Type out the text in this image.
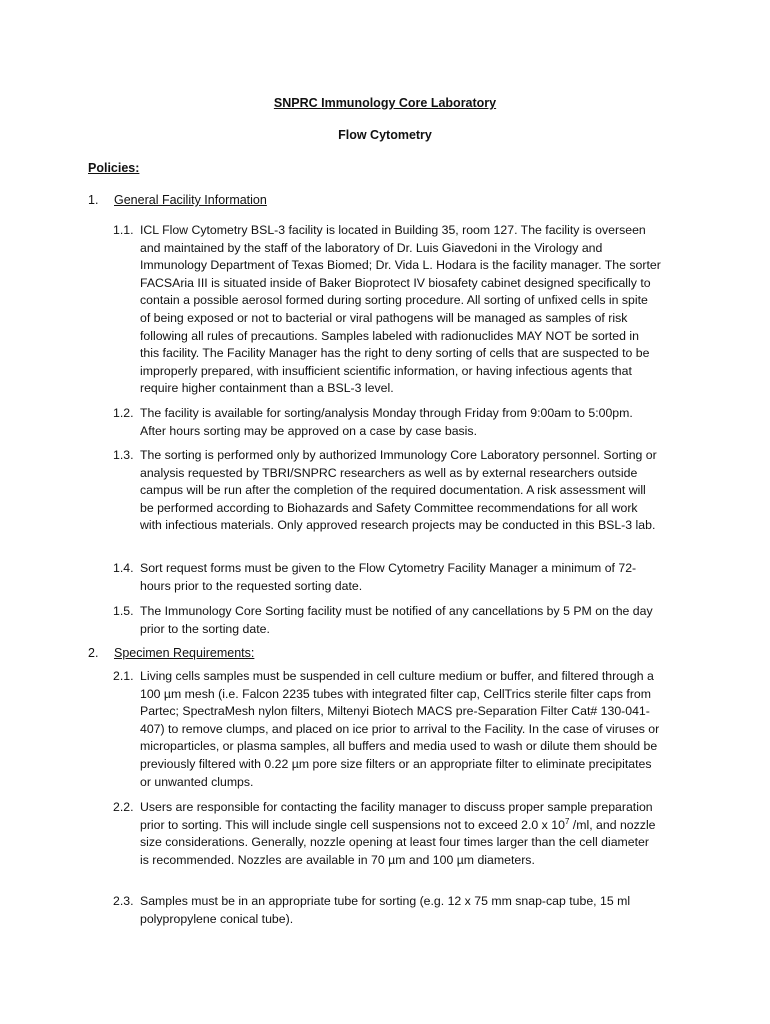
SNPRC Immunology Core Laboratory
Flow Cytometry
Policies:
1. General Facility Information
1.1. ICL Flow Cytometry BSL-3 facility is located in Building 35, room 127. The facility is overseen and maintained by the staff of the laboratory of Dr. Luis Giavedoni in the Virology and Immunology Department of Texas Biomed; Dr. Vida L. Hodara is the facility manager. The sorter FACSAria III is situated inside of Baker Bioprotect IV biosafety cabinet designed specifically to contain a possible aerosol formed during sorting procedure. All sorting of unfixed cells in spite of being exposed or not to bacterial or viral pathogens will be managed as samples of risk following all rules of precautions. Samples labeled with radionuclides MAY NOT be sorted in this facility. The Facility Manager has the right to deny sorting of cells that are suspected to be improperly prepared, with insufficient scientific information, or having infectious agents that require higher containment than a BSL-3 level.
1.2. The facility is available for sorting/analysis Monday through Friday from 9:00am to 5:00pm. After hours sorting may be approved on a case by case basis.
1.3. The sorting is performed only by authorized Immunology Core Laboratory personnel. Sorting or analysis requested by TBRI/SNPRC researchers as well as by external researchers outside campus will be run after the completion of the required documentation. A risk assessment will be performed according to Biohazards and Safety Committee recommendations for all work with infectious materials. Only approved research projects may be conducted in this BSL-3 lab.
1.4. Sort request forms must be given to the Flow Cytometry Facility Manager a minimum of 72-hours prior to the requested sorting date.
1.5. The Immunology Core Sorting facility must be notified of any cancellations by 5 PM on the day prior to the sorting date.
2. Specimen Requirements:
2.1. Living cells samples must be suspended in cell culture medium or buffer, and filtered through a 100 µm mesh (i.e. Falcon 2235 tubes with integrated filter cap, CellTrics sterile filter caps from Partec; SpectraMesh nylon filters, Miltenyi Biotech MACS pre-Separation Filter Cat# 130-041-407) to remove clumps, and placed on ice prior to arrival to the Facility. In the case of viruses or microparticles, or plasma samples, all buffers and media used to wash or dilute them should be previously filtered with 0.22 µm pore size filters or an appropriate filter to eliminate precipitates or unwanted clumps.
2.2. Users are responsible for contacting the facility manager to discuss proper sample preparation prior to sorting. This will include single cell suspensions not to exceed 2.0 x $10^7$ /ml, and nozzle size considerations. Generally, nozzle opening at least four times larger than the cell diameter is recommended. Nozzles are available in 70 µm and 100 µm diameters.
2.3. Samples must be in an appropriate tube for sorting (e.g. 12 x 75 mm snap-cap tube, 15 ml polypropylene conical tube).
